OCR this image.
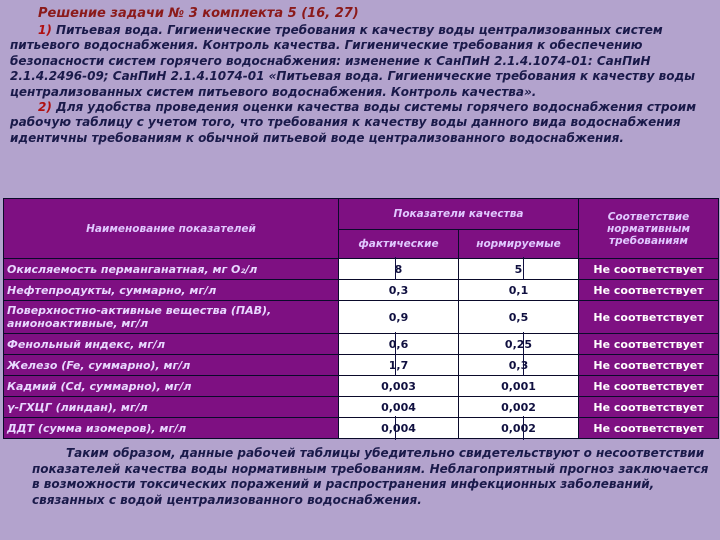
Решение задачи № 3 комплекта 5 (16, 27)

1) Питьевая вода. Гигиенические требования к качеству воды централизованных систем питьевого водоснабжения. Контроль качества. Гигиенические требования к обеспечению безопасности систем горячего водоснабжения: изменение к СанПиН 2.1.4.1074-01: СанПиН 2.1.4.2496-09; СанПиН 2.1.4.1074-01 «Питьевая вода. Гигиенические требования к качеству воды централизованных систем питьевого водоснабжения. Контроль качества».

2) Для удобства проведения оценки качества воды системы горячего водоснабжения строим рабочую таблицу с учетом того, что требования к качеству воды данного вида водоснабжения идентичны требованиям к обычной питьевой воде централизованного водоснабжения.

Наименование показателей	Показатели качества		Соответствие нормативным требованиям
	фактические	нормируемые	
Окисляемость перманганатная, мг О₂/л	8	5	Не соответствует
Нефтепродукты, суммарно, мг/л	0,3	0,1	Не соответствует
Поверхностно-активные вещества (ПАВ), анионоактивные, мг/л	0,9	0,5	Не соответствует
Фенольный индекс, мг/л	0,6	0,25	Не соответствует
Железо (Fe, суммарно), мг/л	1,7	0,3	Не соответствует
Кадмий (Cd, суммарно), мг/л	0,003	0,001	Не соответствует
γ-ГХЦГ (линдан), мг/л	0,004	0,002	Не соответствует
ДДТ (сумма изомеров), мг/л	0,004	0,002	Не соответствует

Таким образом, данные рабочей таблицы убедительно свидетельствуют о несоответствии показателей качества воды нормативным требованиям. Неблагоприятный прогноз заключается в возможности токсических поражений и распространения инфекционных заболеваний, связанных с водой централизованного водоснабжения.
